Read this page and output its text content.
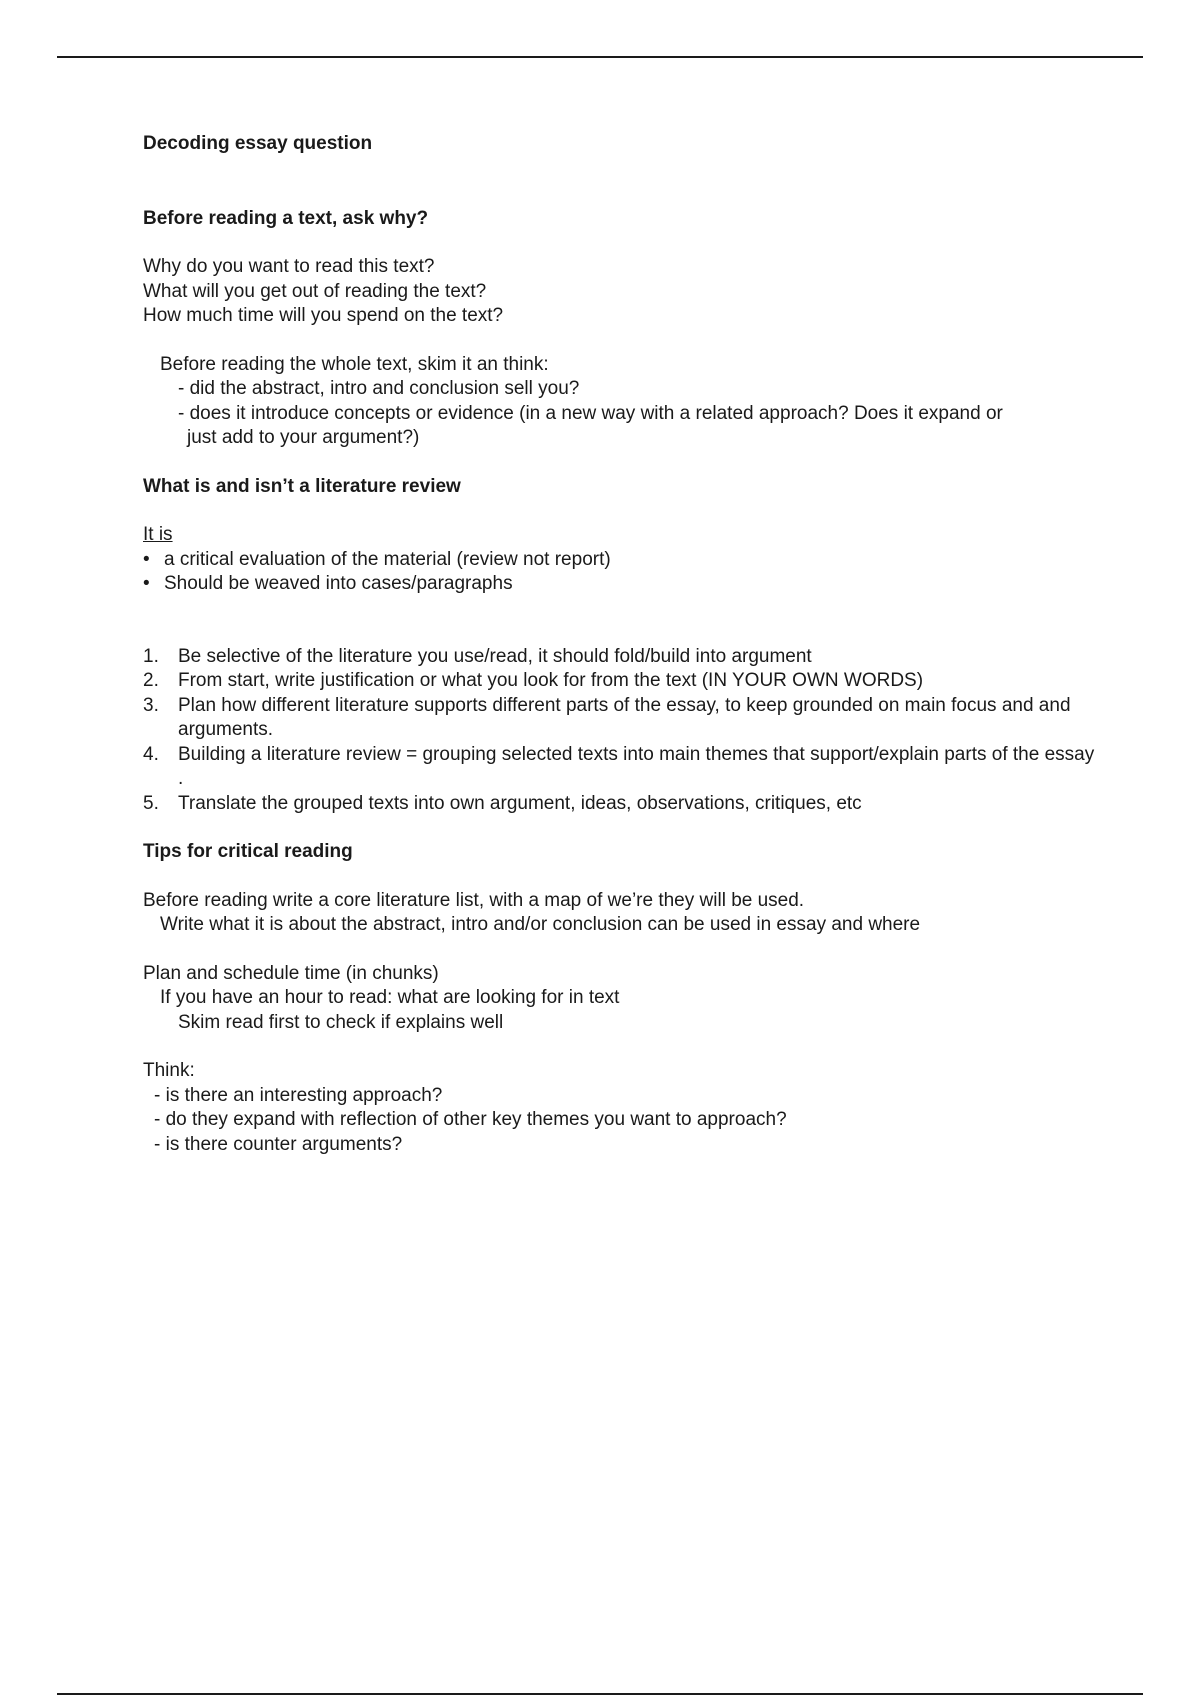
Decoding essay question
Before reading a text, ask why?
Why do you want to read this text?
What will you get out of reading the text?
How much time will you spend on the text?
Before reading the whole text, skim it an think:
- did the abstract, intro and conclusion sell you?
- does it introduce concepts or evidence (in a new way with a related approach? Does it expand or
just add to your argument?)
What is and isn’t a literature review
It is
• a critical evaluation of the material (review not report)
• Should be weaved into cases/paragraphs
1. Be selective of the literature you use/read, it should fold/build into argument
2. From start, write justification or what you look for from the text (IN YOUR OWN WORDS)
3. Plan how different literature supports different parts of the essay, to keep grounded on main focus and and arguments.
4. Building a literature review = grouping selected texts into main themes that support/explain parts of the essay .
5. Translate the grouped texts into own argument, ideas, observations, critiques, etc
Tips for critical reading
Before reading write a core literature list, with a map of we’re they will be used.
Write what it is about the abstract, intro and/or conclusion can be used in essay and where
Plan and schedule time (in chunks)
If you have an hour to read: what are looking for in text
Skim read first to check if explains well
Think:
- is there an interesting approach?
- do they expand with reflection of other key themes you want to approach?
- is there counter arguments?
